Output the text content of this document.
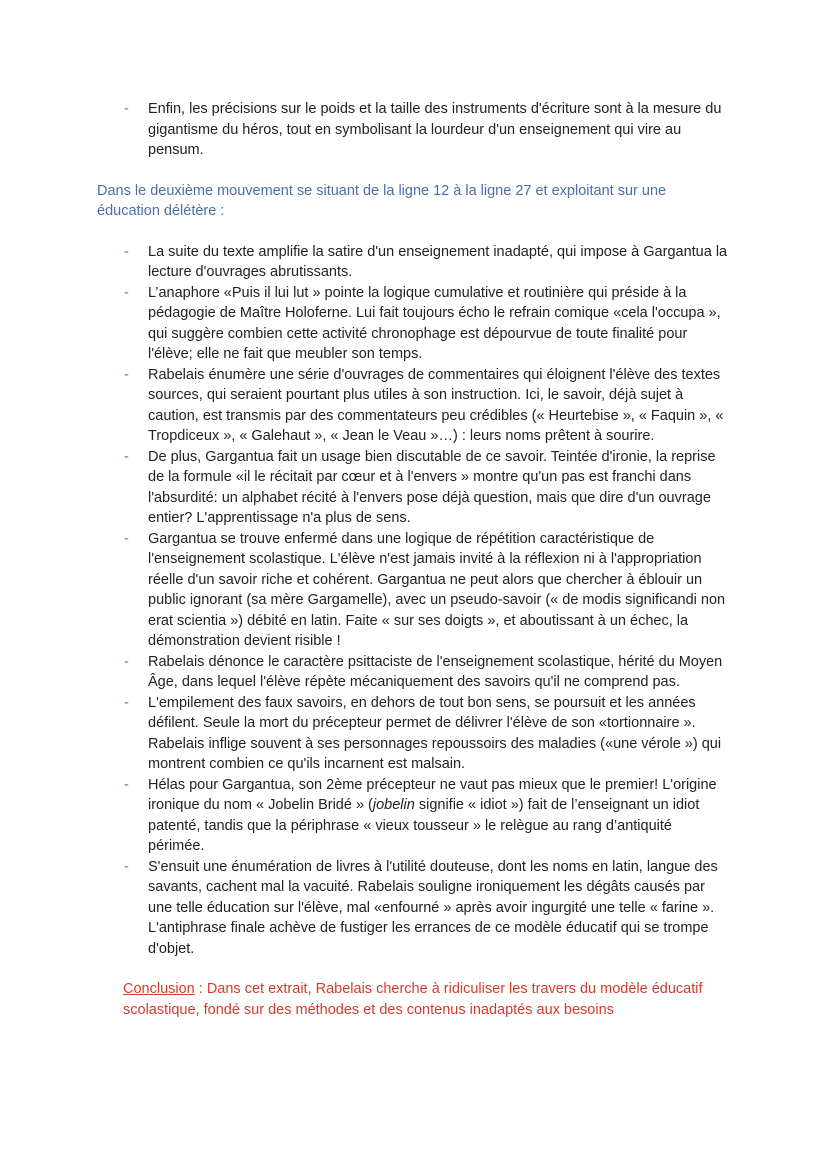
- Enfin, les précisions sur le poids et la taille des instruments d'écriture sont à la mesure du gigantisme du héros, tout en symbolisant la lourdeur d'un enseignement qui vire au pensum.

Dans le deuxième mouvement se situant de la ligne 12 à la ligne 27 et exploitant sur une éducation délétère :

- La suite du texte amplifie la satire d'un enseignement inadapté, qui impose à Gargantua la lecture d'ouvrages abrutissants.
- L’anaphore «Puis il lui lut » pointe la logique cumulative et routinière qui préside à la pédagogie de Maître Holoferne. Lui fait toujours écho le refrain comique «cela l'occupa », qui suggère combien cette activité chronophage est dépourvue de toute finalité pour l'élève; elle ne fait que meubler son temps.
- Rabelais énumère une série d'ouvrages de commentaires qui éloignent l'élève des textes sources, qui seraient pourtant plus utiles à son instruction. Ici, le savoir, déjà sujet à caution, est transmis par des commentateurs peu crédibles (« Heurtebise », « Faquin », « Tropdiceux », « Galehaut », « Jean le Veau »…) : leurs noms prêtent à sourire.
- De plus, Gargantua fait un usage bien discutable de ce savoir. Teintée d'ironie, la reprise de la formule «il le récitait par cœur et à l'envers » montre qu'un pas est franchi dans l'absurdité: un alphabet récité à l'envers pose déjà question, mais que dire d'un ouvrage entier? L'apprentissage n'a plus de sens.
- Gargantua se trouve enfermé dans une logique de répétition caractéristique de l'enseignement scolastique. L'élève n'est jamais invité à la réflexion ni à l'appropriation réelle d'un savoir riche et cohérent. Gargantua ne peut alors que chercher à éblouir un public ignorant (sa mère Gargamelle), avec un pseudo-savoir (« de modis significandi non erat scientia ») débité en latin. Faite « sur ses doigts », et aboutissant à un échec, la démonstration devient risible !
- Rabelais dénonce le caractère psittaciste de l'enseignement scolastique, hérité du Moyen Âge, dans lequel l'élève répète mécaniquement des savoirs qu'il ne comprend pas.
- L'empilement des faux savoirs, en dehors de tout bon sens, se poursuit et les années défilent. Seule la mort du précepteur permet de délivrer l'élève de son «tortionnaire ». Rabelais inflige souvent à ses personnages repoussoirs des maladies («une vérole ») qui montrent combien ce qu'ils incarnent est malsain.
- Hélas pour Gargantua, son 2ème précepteur ne vaut pas mieux que le premier! L'origine ironique du nom « Jobelin Bridé » (jobelin signifie « idiot ») fait de l’enseignant un idiot patenté, tandis que la périphrase « vieux tousseur » le relègue au rang d’antiquité périmée.
- S'ensuit une énumération de livres à l'utilité douteuse, dont les noms en latin, langue des savants, cachent mal la vacuité. Rabelais souligne ironiquement les dégâts causés par une telle éducation sur l'élève, mal «enfourné » après avoir ingurgité une telle « farine ». L'antiphrase finale achève de fustiger les errances de ce modèle éducatif qui se trompe d'objet.

Conclusion : Dans cet extrait, Rabelais cherche à ridiculiser les travers du modèle éducatif scolastique, fondé sur des méthodes et des contenus inadaptés aux besoins
